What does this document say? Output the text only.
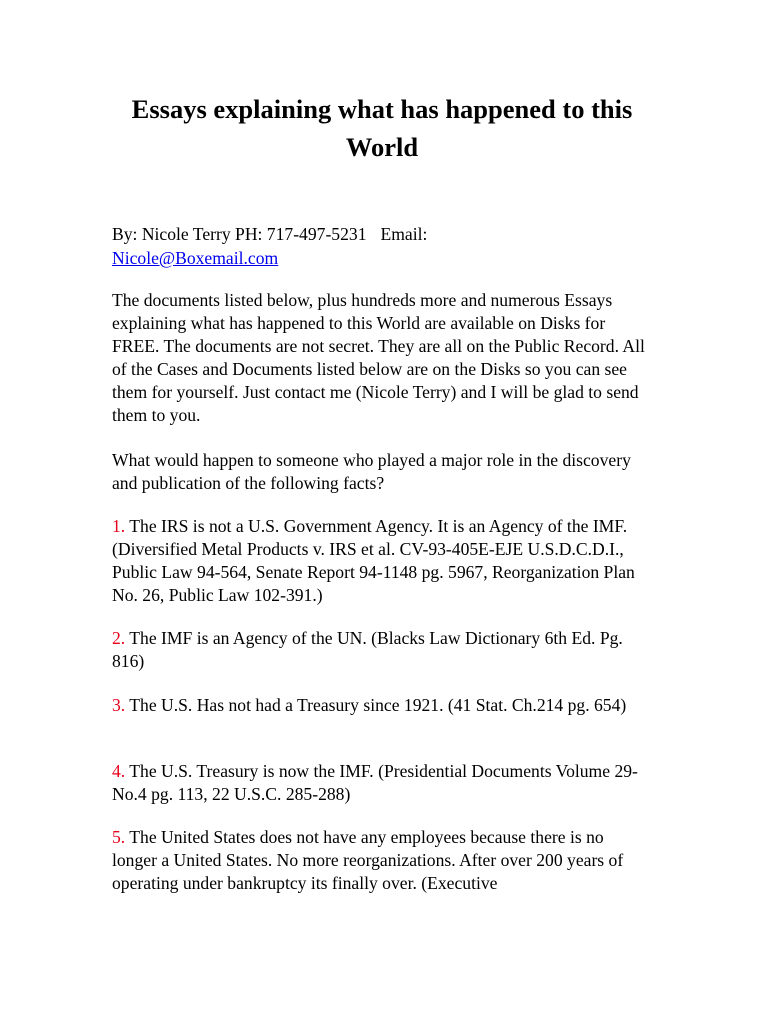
Essays explaining what has happened to this World

By: Nicole Terry PH: 717-497-5231 Email:
Nicole@Boxemail.com

The documents listed below, plus hundreds more and numerous Essays explaining what has happened to this World are available on Disks for FREE. The documents are not secret. They are all on the Public Record. All of the Cases and Documents listed below are on the Disks so you can see them for yourself. Just contact me (Nicole Terry) and I will be glad to send them to you.

What would happen to someone who played a major role in the discovery and publication of the following facts?

1. The IRS is not a U.S. Government Agency. It is an Agency of the IMF. (Diversified Metal Products v. IRS et al. CV-93-405E-EJE U.S.D.C.D.I., Public Law 94-564, Senate Report 94-1148 pg. 5967, Reorganization Plan No. 26, Public Law 102-391.)

2. The IMF is an Agency of the UN. (Blacks Law Dictionary 6th Ed. Pg. 816)

3. The U.S. Has not had a Treasury since 1921. (41 Stat. Ch.214 pg. 654)

4. The U.S. Treasury is now the IMF. (Presidential Documents Volume 29-No.4 pg. 113, 22 U.S.C. 285-288)

5. The United States does not have any employees because there is no longer a United States. No more reorganizations. After over 200 years of operating under bankruptcy its finally over. (Executive
